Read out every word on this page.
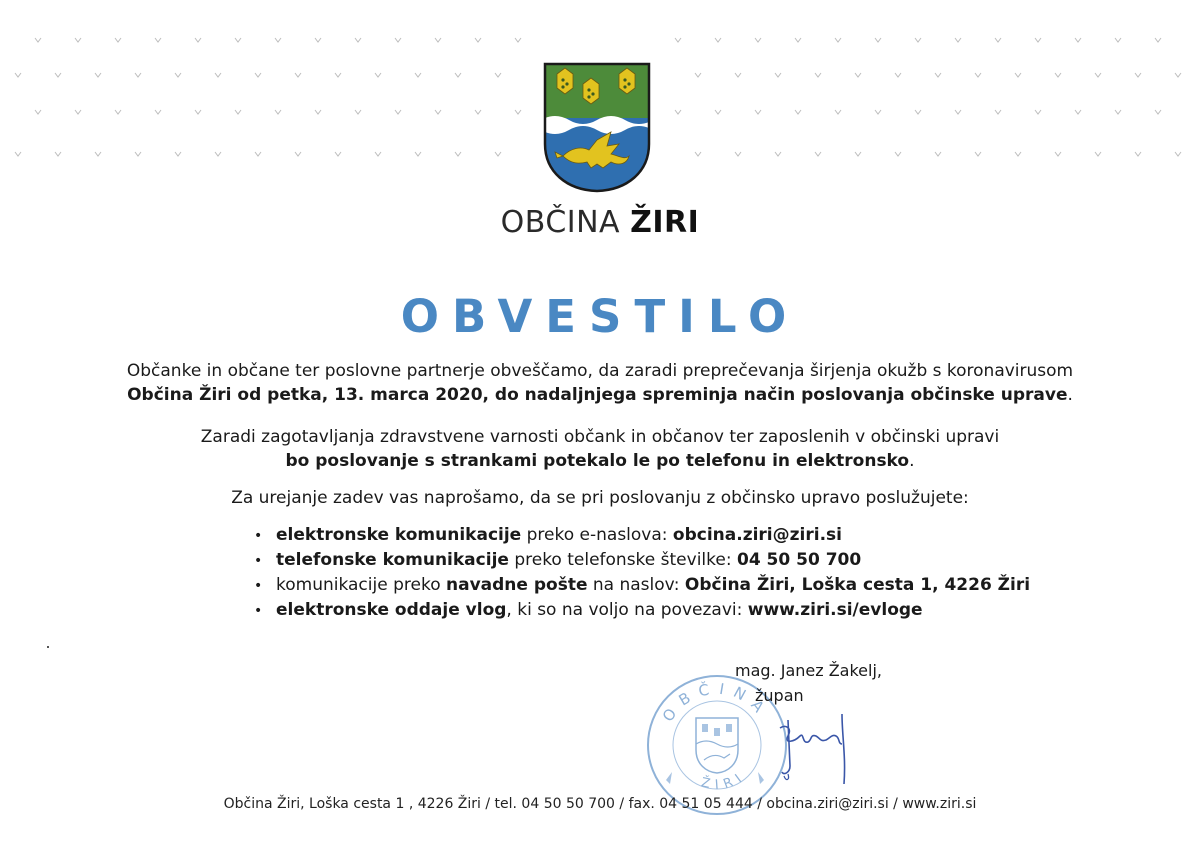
OBČINA ŽIRI
OBVESTILO
Občanke in občane ter poslovne partnerje obveščamo, da zaradi preprečevanja širjenja okužb s koronavirusom
Občina Žiri od petka, 13. marca 2020, do nadaljnjega spreminja način poslovanja občinske uprave.
Zaradi zagotavljanja zdravstvene varnosti občank in občanov ter zaposlenih v občinski upravi
bo poslovanje s strankami potekalo le po telefonu in elektronsko.
Za urejanje zadev vas naprošamo, da se pri poslovanju z občinsko upravo poslužujete:
• elektronske komunikacije preko e-naslova: obcina.ziri@ziri.si
• telefonske komunikacije preko telefonske številke: 04 50 50 700
• komunikacije preko navadne pošte na naslov: Občina Žiri, Loška cesta 1, 4226 Žiri
• elektronske oddaje vlog, ki so na voljo na povezavi: www.ziri.si/evloge
OBČINA
ŽIRI
mag. Janez Žakelj,
župan
Občina Žiri, Loška cesta 1 , 4226 Žiri / tel. 04 50 50 700 / fax. 04 51 05 444 / obcina.ziri@ziri.si / www.ziri.si
